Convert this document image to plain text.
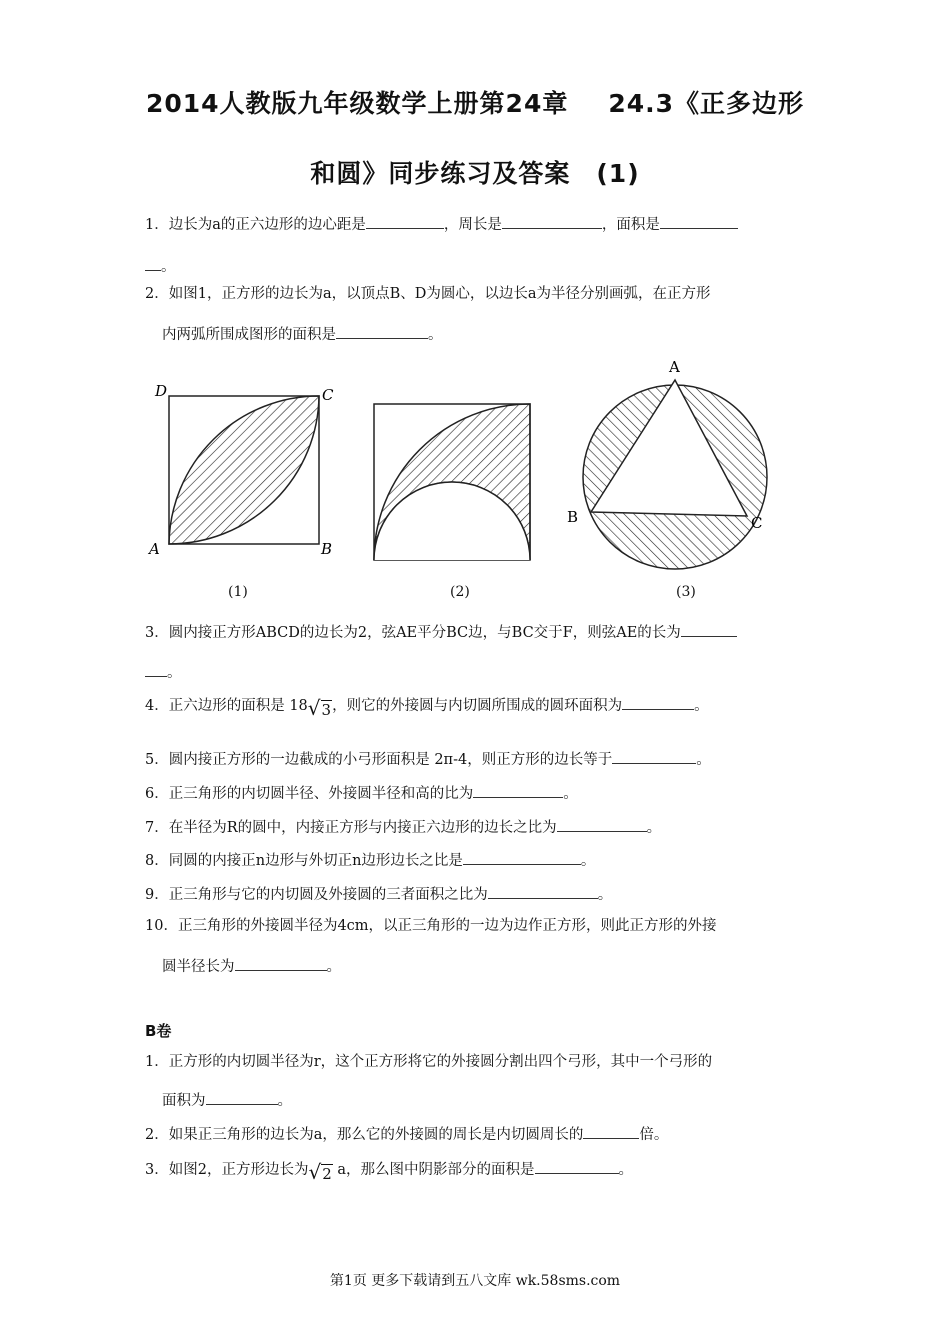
2014人教版九年级数学上册第24章 24.3《正多边形
和圆》同步练习及答案　(1)
1．边长为a的正六边形的边心距是	，周长是	，面积是
。
2．如图1，正方形的边长为a，以顶点B、D为圆心，以边长a为半径分别画弧，在正方形
内两弧所围成图形的面积是	。
D	C
A	B
A
B	C
(1)	(2)	(3)
3．圆内接正方形ABCD的边长为2，弦AE平分BC边，与BC交于F，则弦AE的长为
。
4．正六边形的面积是 18√3，则它的外接圆与内切圆所围成的圆环面积为	。
5．圆内接正方形的一边截成的小弓形面积是 2π-4，则正方形的边长等于	。
6．正三角形的内切圆半径、外接圆半径和高的比为	。
7．在半径为R的圆中，内接正方形与内接正六边形的边长之比为	。
8．同圆的内接正n边形与外切正n边形边长之比是	。
9．正三角形与它的内切圆及外接圆的三者面积之比为	。
10．正三角形的外接圆半径为4cm，以正三角形的一边为边作正方形，则此正方形的外接
圆半径长为	。
B卷
1．正方形的内切圆半径为r，这个正方形将它的外接圆分割出四个弓形，其中一个弓形的
面积为	。
2．如果正三角形的边长为a，那么它的外接圆的周长是内切圆周长的	倍。
3．如图2，正方形边长为√2 a，那么图中阴影部分的面积是	。
第1页 更多下载请到五八文库 wk.58sms.com
